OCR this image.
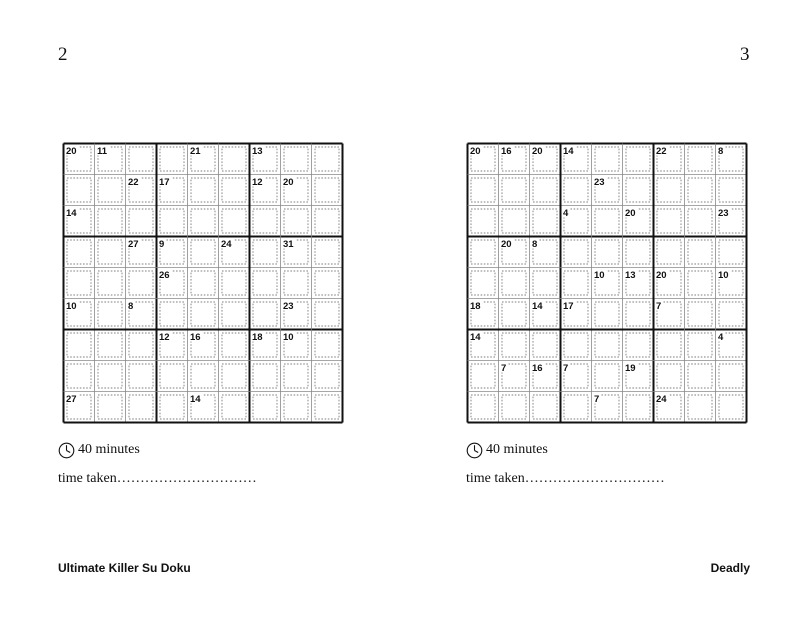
2	3
40 minutes
time taken…………………………
40 minutes
time taken…………………………
Ultimate Killer Su Doku	Deadly
